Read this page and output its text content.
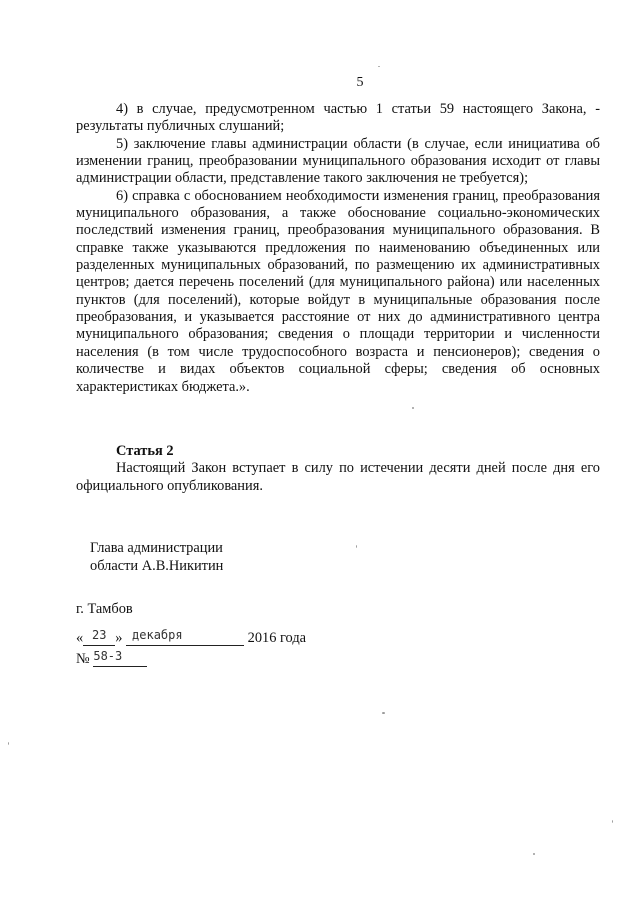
5

4) в случае, предусмотренном частью 1 статьи 59 настоящего Закона, - результаты публичных слушаний;

5) заключение главы администрации области (в случае, если инициатива об изменении границ, преобразовании муниципального образования исходит от главы администрации области, представление такого заключения не требуется);

6) справка с обоснованием необходимости изменения границ, преобразования муниципального образования, а также обоснование социально-экономических последствий изменения границ, преобразования муниципального образования. В справке также указываются предложения по наименованию объединенных или разделенных муниципальных образований, по размещению их административных центров; дается перечень поселений (для муниципального района) или населенных пунктов (для поселений), которые войдут в муниципальные образования после преобразования, и указывается расстояние от них до административного центра муниципального образования; сведения о площади территории и численности населения (в том числе трудоспособного возраста и пенсионеров); сведения о количестве и видах объектов социальной сферы; сведения об основных характеристиках бюджета.».

Статья 2

Настоящий Закон вступает в силу по истечении десяти дней после дня его официального опубликования.

Глава администрации
области А.В.Никитин
г. Тамбов
« $^{23}$ » $^{декабря}$	2016 года
№ $^{58-З}$
